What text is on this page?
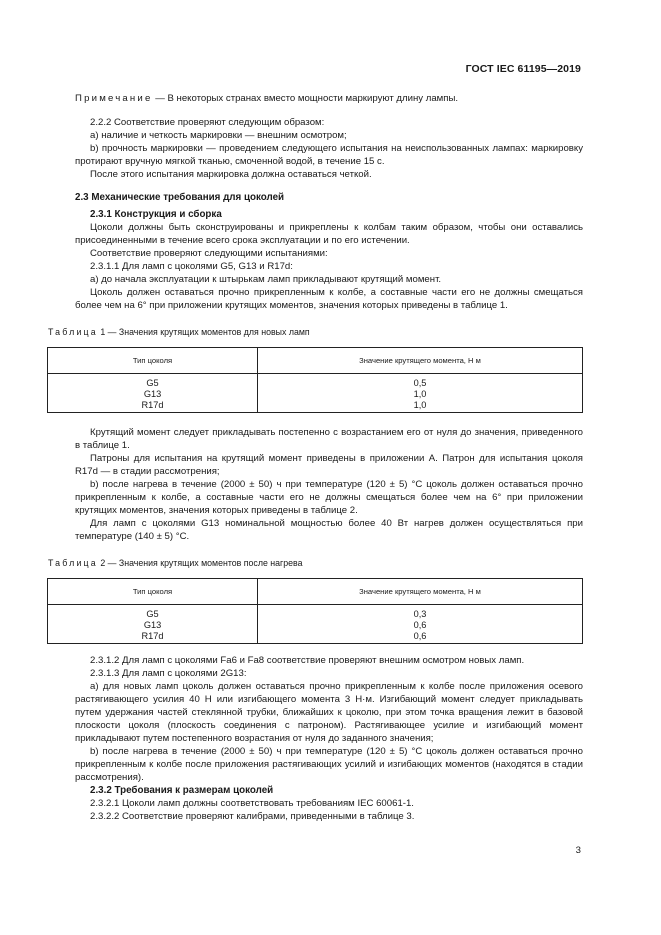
ГОСТ IEC 61195—2019

Примечание — В некоторых странах вместо мощности маркируют длину лампы.

2.2.2 Соответствие проверяют следующим образом:

a) наличие и четкость маркировки — внешним осмотром;

b) прочность маркировки — проведением следующего испытания на неиспользованных лампах: маркировку протирают вручную мягкой тканью, смоченной водой, в течение 15 с.

После этого испытания маркировка должна оставаться четкой.

2.3 Механические требования для цоколей

2.3.1 Конструкция и сборка

Цоколи должны быть сконструированы и прикреплены к колбам таким образом, чтобы они оставались присоединенными в течение всего срока эксплуатации и по его истечении.

Соответствие проверяют следующими испытаниями:

2.3.1.1 Для ламп с цоколями G5, G13 и R17d:

а) до начала эксплуатации к штырькам ламп прикладывают крутящий момент.

Цоколь должен оставаться прочно прикрепленным к колбе, а составные части его не должны смещаться более чем на 6° при приложении крутящих моментов, значения которых приведены в таблице 1.

Таблица 1 — Значения крутящих моментов для новых ламп

Тип цоколя	Значение крутящего момента, Н м
G5	0,5
G13	1,0
R17d	1,0

Крутящий момент следует прикладывать постепенно с возрастанием его от нуля до значения, приведенного в таблице 1.

Патроны для испытания на крутящий момент приведены в приложении А. Патрон для испытания цоколя R17d — в стадии рассмотрения;

b) после нагрева в течение (2000 ± 50) ч при температуре (120 ± 5) °С цоколь должен оставаться прочно прикрепленным к колбе, а составные части его не должны смещаться более чем на 6° при приложении крутящих моментов, значения которых приведены в таблице 2.

Для ламп с цоколями G13 номинальной мощностью более 40 Вт нагрев должен осуществляться при температуре (140 ± 5) °С.

Таблица 2 — Значения крутящих моментов после нагрева

Тип цоколя	Значение крутящего момента, Н м
G5	0,3
G13	0,6
R17d	0,6

2.3.1.2 Для ламп с цоколями Fa6 и Fa8 соответствие проверяют внешним осмотром новых ламп.

2.3.1.3 Для ламп с цоколями 2G13:

а) для новых ламп цоколь должен оставаться прочно прикрепленным к колбе после приложения осевого растягивающего усилия 40 Н или изгибающего момента 3 Н·м. Изгибающий момент следует прикладывать путем удержания частей стеклянной трубки, ближайших к цоколю, при этом точка вращения лежит в базовой плоскости цоколя (плоскость соединения с патроном). Растягивающее усилие и изгибающий момент прикладывают путем постепенного возрастания от нуля до заданного значения;

b) после нагрева в течение (2000 ± 50) ч при температуре (120 ± 5) °С цоколь должен оставаться прочно прикрепленным к колбе после приложения растягивающих усилий и изгибающих моментов (находятся в стадии рассмотрения).

2.3.2 Требования к размерам цоколей

2.3.2.1 Цоколи ламп должны соответствовать требованиям IEC 60061-1.

2.3.2.2 Соответствие проверяют калибрами, приведенными в таблице 3.

3
